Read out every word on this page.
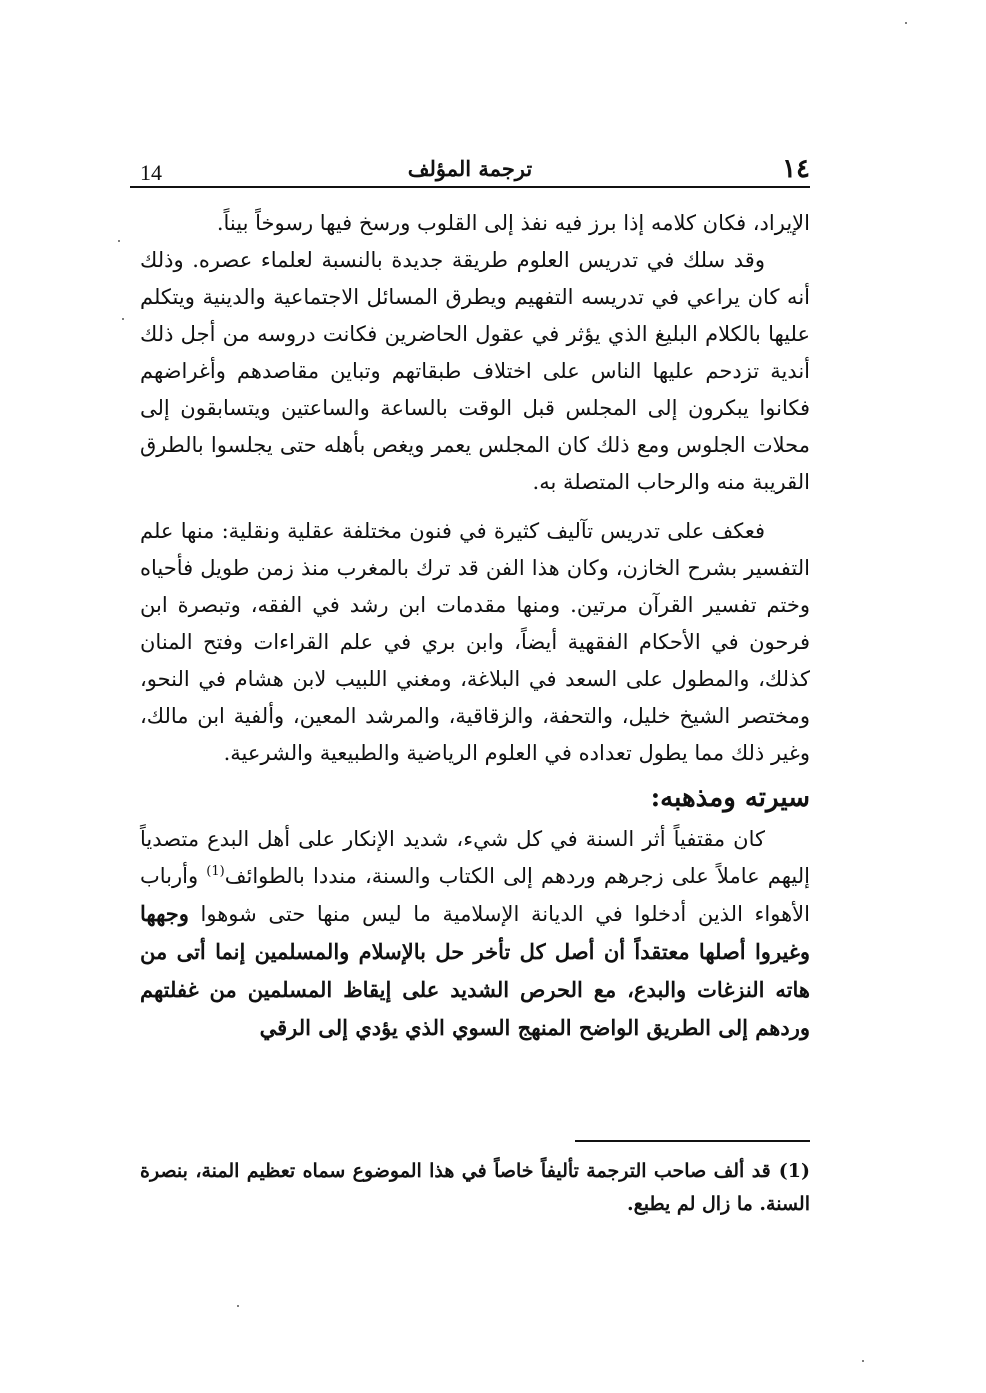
14	ترجمة المؤلف	١٤

الإيراد، فكان كلامه إذا برز فيه نفذ إلى القلوب ورسخ فيها رسوخاً بيناً.

وقد سلك في تدريس العلوم طريقة جديدة بالنسبة لعلماء عصره. وذلك أنه كان يراعي في تدريسه التفهيم ويطرق المسائل الاجتماعية والدينية ويتكلم عليها بالكلام البليغ الذي يؤثر في عقول الحاضرين فكانت دروسه من أجل ذلك أندية تزدحم عليها الناس على اختلاف طبقاتهم وتباين مقاصدهم وأغراضهم فكانوا يبكرون إلى المجلس قبل الوقت بالساعة والساعتين ويتسابقون إلى محلات الجلوس ومع ذلك كان المجلس يعمر ويغص بأهله حتى يجلسوا بالطرق القريبة منه والرحاب المتصلة به.

فعكف على تدريس تآليف كثيرة في فنون مختلفة عقلية ونقلية: منها علم التفسير بشرح الخازن، وكان هذا الفن قد ترك بالمغرب منذ زمن طويل فأحياه وختم تفسير القرآن مرتين. ومنها مقدمات ابن رشد في الفقه، وتبصرة ابن فرحون في الأحكام الفقهية أيضاً، وابن بري في علم القراءات وفتح المنان كذلك، والمطول على السعد في البلاغة، ومغني اللبيب لابن هشام في النحو، ومختصر الشيخ خليل، والتحفة، والزقاقية، والمرشد المعين، وألفية ابن مالك، وغير ذلك مما يطول تعداده في العلوم الرياضية والطبيعية والشرعية.

سيرته ومذهبه:

كان مقتفياً أثر السنة في كل شيء، شديد الإنكار على أهل البدع متصدياً إليهم عاملاً على زجرهم وردهم إلى الكتاب والسنة، منددا بالطوائف$^{(1)}$ وأرباب الأهواء الذين أدخلوا في الديانة الإسلامية ما ليس منها حتى شوهوا وجهها وغيروا أصلها معتقداً أن أصل كل تأخر حل بالإسلام والمسلمين إنما أتى من هاته النزغات والبدع، مع الحرص الشديد على إيقاظ المسلمين من غفلتهم وردهم إلى الطريق الواضح المنهج السوي الذي يؤدي إلى الرقي

(1)قد ألف صاحب الترجمة تأليفاً خاصاً في هذا الموضوع سماه تعظيم المنة، بنصرة السنة. ما زال لم يطبع.
